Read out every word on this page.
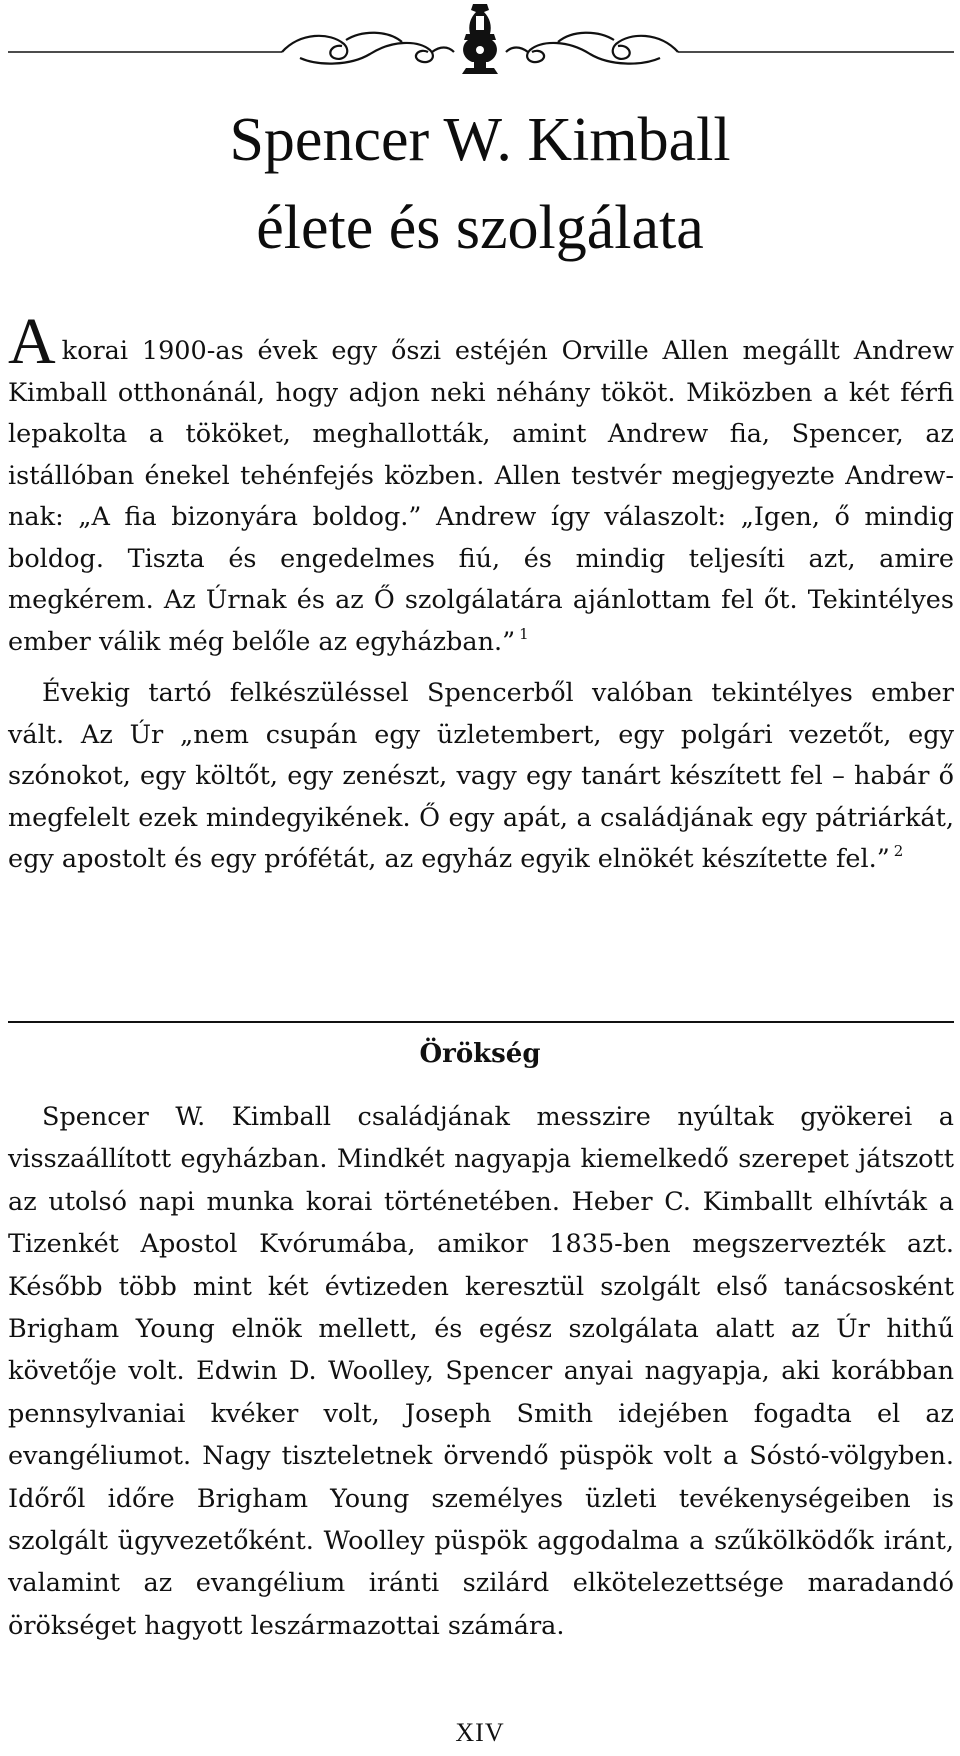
Spencer W. Kimball
élete és szolgálata

Akorai 1900-as évek egy őszi estéjén Orville Allen megállt Andrew Kimball otthonánál, hogy adjon neki néhány tököt. Miközben a két férfi lepakolta a tököket, meghallották, amint Andrew fia, Spencer, az istállóban énekel tehénfejés közben. Allen testvér megjegyezte Andrew-nak: „A fia bizonyára boldog.” Andrew így válaszolt: „Igen, ő mindig boldog. Tiszta és engedelmes fiú, és mindig teljesíti azt, amire megkérem. Az Úrnak és az Ő szolgálatára ajánlottam fel őt. Tekintélyes ember válik még belőle az egyházban.” $^1$

Évekig tartó felkészüléssel Spencerből valóban tekintélyes ember vált. Az Úr „nem csupán egy üzletembert, egy polgári vezetőt, egy szónokot, egy költőt, egy zenészt, vagy egy tanárt készített fel – habár ő megfelelt ezek mindegyikének. Ő egy apát, a családjának egy pátriárkát, egy apostolt és egy prófétát, az egyház egyik elnökét készítette fel.” $^2$

Örökség

Spencer W. Kimball családjának messzire nyúltak gyökerei a visszaállított egyházban. Mindkét nagyapja kiemelkedő szerepet játszott az utolsó napi munka korai történetében. Heber C. Kimballt elhívták a Tizenkét Apostol Kvórumába, amikor 1835-ben megszervezték azt. Később több mint két évtizeden keresztül szolgált első tanácsosként Brigham Young elnök mellett, és egész szolgálata alatt az Úr hithű követője volt. Edwin D. Woolley, Spencer anyai nagyapja, aki korábban pennsylvaniai kvéker volt, Joseph Smith idejében fogadta el az evangéliumot. Nagy tiszteletnek örvendő püspök volt a Sóstó-völgyben. Időről időre Brigham Young személyes üzleti tevékenységeiben is szolgált ügyvezetőként. Woolley püspök aggodalma a szűkölködők iránt, valamint az evangélium iránti szilárd elkötelezettsége maradandó örökséget hagyott leszármazottai számára.

XIV
